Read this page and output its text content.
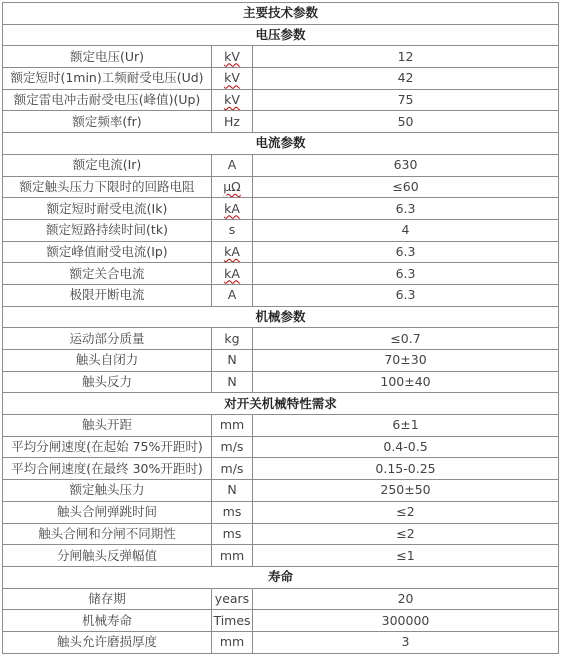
主要技术参数		
电压参数		
额定电压(Ur)	kV	12
额定短时(1min)工频耐受电压(Ud)	kV	42
额定雷电冲击耐受电压(峰值)(Up)	kV	75
额定频率(fr)	Hz	50
电流参数		
额定电流(Ir)	A	630
额定触头压力下限时的回路电阻	μΩ	≤60
额定短时耐受电流(Ik)	kA	6.3
额定短路持续时间(tk)	s	4
额定峰值耐受电流(Ip)	kA	6.3
额定关合电流	kA	6.3
极限开断电流	A	6.3
机械参数		
运动部分质量	kg	≤0.7
触头自闭力	N	70±30
触头反力	N	100±40
对开关机械特性需求		
触头开距	mm	6±1
平均分闸速度(在起始 75%开距时)	m/s	0.4-0.5
平均合闸速度(在最终 30%开距时)	m/s	0.15-0.25
额定触头压力	N	250±50
触头合闸弹跳时间	ms	≤2
触头合闸和分闸不同期性	ms	≤2
分闸触头反弹幅值	mm	≤1
寿命		
储存期	years	20
机械寿命	Times	300000
触头允许磨损厚度	mm	3
